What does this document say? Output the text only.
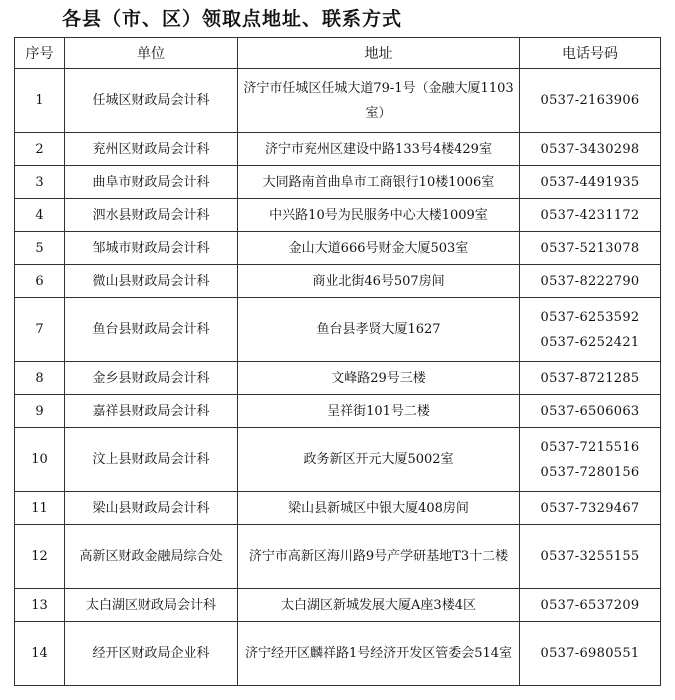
各县（市、区）领取点地址、联系方式
序号	单位	地址	电话号码
1	任城区财政局会计科	济宁市任城区任城大道79-1号（金融大厦1103室）	0537-2163906

2	兖州区财政局会计科	济宁市兖州区建设中路133号4楼429室	0537-3430298

3	曲阜市财政局会计科	大同路南首曲阜市工商银行10楼1006室	0537-4491935

4	泗水县财政局会计科	中兴路10号为民服务中心大楼1009室	0537-4231172

5	邹城市财政局会计科	金山大道666号财金大厦503室	0537-5213078

6	微山县财政局会计科	商业北街46号507房间	0537-8222790

7	鱼台县财政局会计科	鱼台县孝贤大厦1627	0537-6253592
0537-6252421

8	金乡县财政局会计科	文峰路29号三楼	0537-8721285

9	嘉祥县财政局会计科	呈祥街101号二楼	0537-6506063

10	汶上县财政局会计科	政务新区开元大厦5002室	0537-7215516
0537-7280156

11	梁山县财政局会计科	梁山县新城区中银大厦408房间	0537-7329467

12	高新区财政金融局综合处	济宁市高新区海川路9号产学研基地T3十二楼	0537-3255155

13	太白湖区财政局会计科	太白湖区新城发展大厦A座3楼4区	0537-6537209

14	经开区财政局企业科	济宁经开区麟祥路1号经济开发区管委会514室	0537-6980551
